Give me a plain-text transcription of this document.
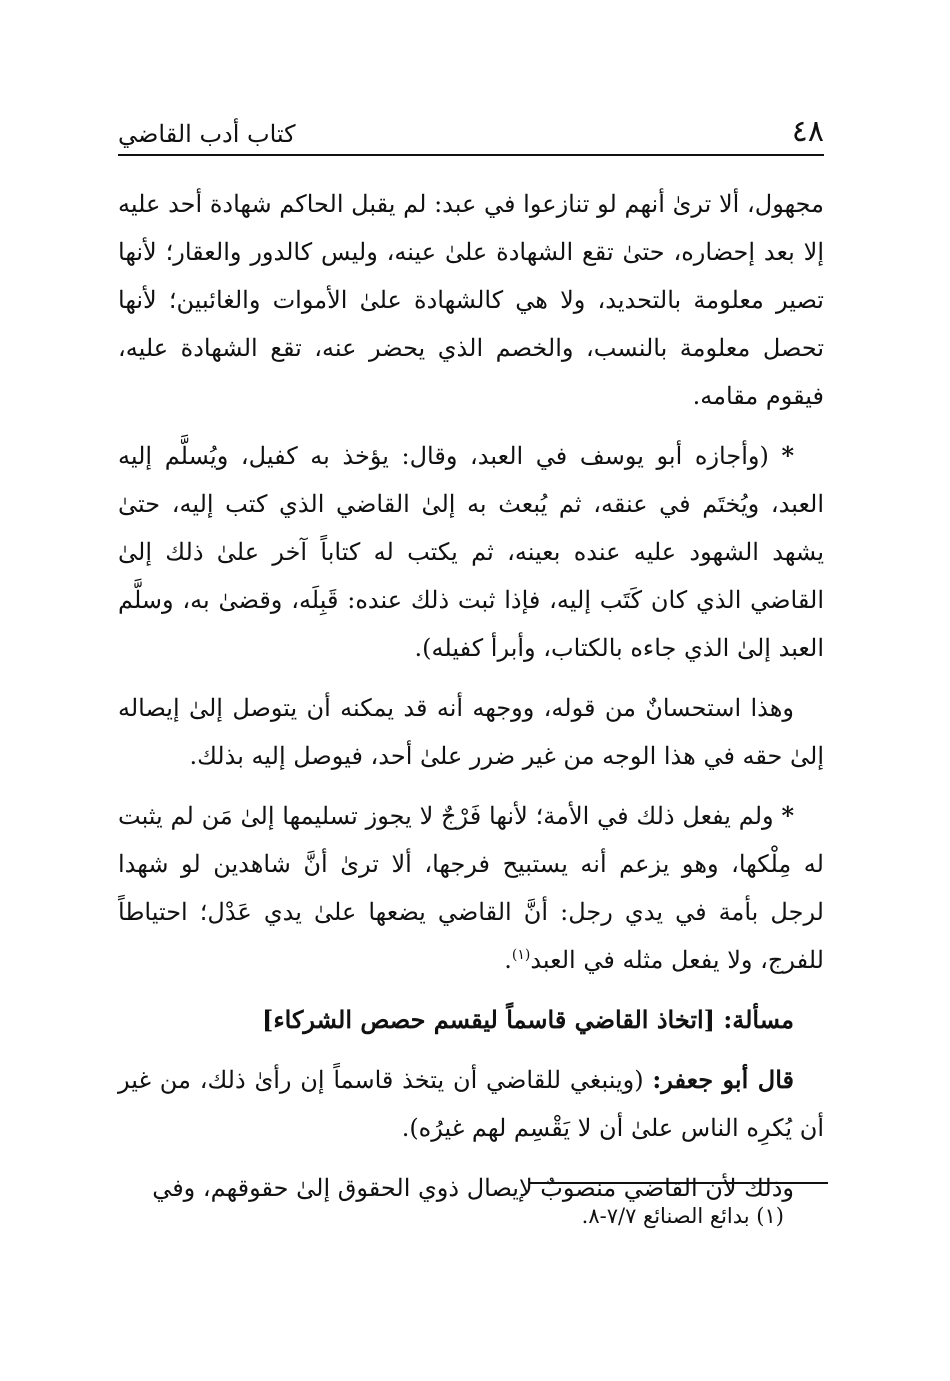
٤٨
كتاب أدب القاضي

مجهول، ألا ترىٰ أنهم لو تنازعوا في عبد: لم يقبل الحاكم شهادة أحد عليه إلا بعد إحضاره، حتىٰ تقع الشهادة علىٰ عينه، وليس كالدور والعقار؛ لأنها تصير معلومة بالتحديد، ولا هي كالشهادة علىٰ الأموات والغائبين؛ لأنها تحصل معلومة بالنسب، والخصم الذي يحضر عنه، تقع الشهادة عليه، فيقوم مقامه.

* (وأجازه أبو يوسف في العبد، وقال: يؤخذ به كفيل، ويُسلَّم إليه العبد، ويُختَم في عنقه، ثم يُبعث به إلىٰ القاضي الذي كتب إليه، حتىٰ يشهد الشهود عليه عنده بعينه، ثم يكتب له كتاباً آخر علىٰ ذلك إلىٰ القاضي الذي كان كَتَب إليه، فإذا ثبت ذلك عنده: قَبِلَه، وقضىٰ به، وسلَّم العبد إلىٰ الذي جاءه بالكتاب، وأبرأ كفيله).

وهذا استحسانٌ من قوله، ووجهه أنه قد يمكنه أن يتوصل إلىٰ إيصاله إلىٰ حقه في هذا الوجه من غير ضرر علىٰ أحد، فيوصل إليه بذلك.

* ولم يفعل ذلك في الأمة؛ لأنها فَرْجٌ لا يجوز تسليمها إلىٰ مَن لم يثبت له مِلْكها، وهو يزعم أنه يستبيح فرجها، ألا ترىٰ أنَّ شاهدين لو شهدا لرجل بأمة في يدي رجل: أنَّ القاضي يضعها علىٰ يدي عَدْل؛ احتياطاً للفرج، ولا يفعل مثله في العبد$^{(١)}$.

مسألة: [اتخاذ القاضي قاسماً ليقسم حصص الشركاء]

قال أبو جعفر: (وينبغي للقاضي أن يتخذ قاسماً إن رأىٰ ذلك، من غير أن يُكرِه الناس علىٰ أن لا يَقْسِم لهم غيرُه).

وذلك لأن القاضي منصوبٌ لإيصال ذوي الحقوق إلىٰ حقوقهم، وفي

(١) بدائع الصنائع ٧/٧-٨.
